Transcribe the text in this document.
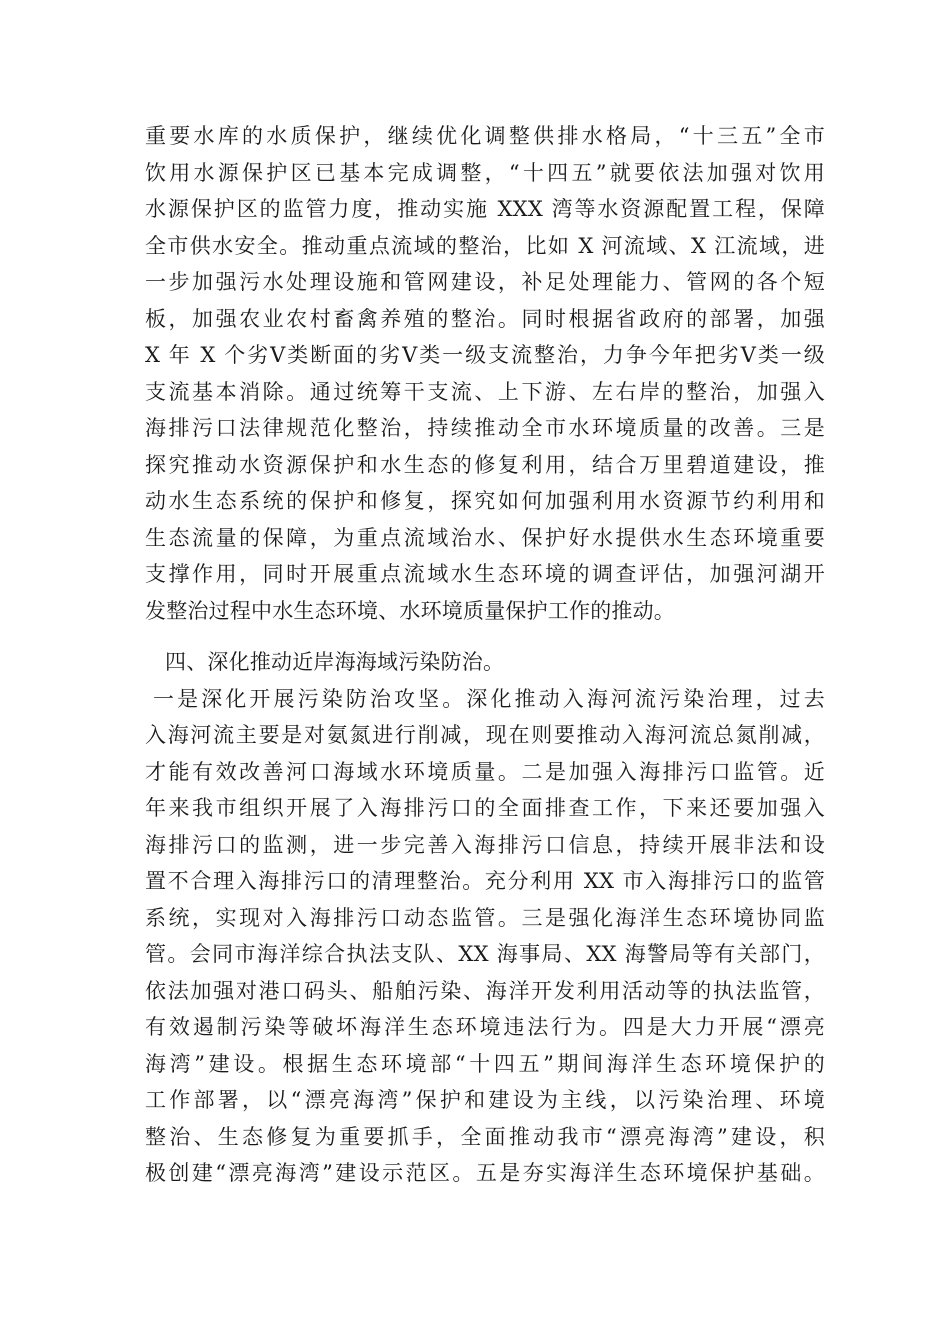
重要水库的水质保护，继续优化调整供排水格局，“十三五”全市
饮用水源保护区已基本完成调整，“十四五”就要依法加强对饮用
水源保护区的监管力度，推动实施 XXX 湾等水资源配置工程，保障
全市供水安全。推动重点流域的整治，比如 X 河流域、X 江流域，进
一步加强污水处理设施和管网建设，补足处理能力、管网的各个短
板，加强农业农村畜禽养殖的整治。同时根据省政府的部署，加强
X 年 X 个劣Ⅴ类断面的劣Ⅴ类一级支流整治，力争今年把劣Ⅴ类一级
支流基本消除。通过统筹干支流、上下游、左右岸的整治，加强入
海排污口法律规范化整治，持续推动全市水环境质量的改善。三是
探究推动水资源保护和水生态的修复利用，结合万里碧道建设，推
动水生态系统的保护和修复，探究如何加强利用水资源节约利用和
生态流量的保障，为重点流域治水、保护好水提供水生态环境重要
支撑作用，同时开展重点流域水生态环境的调查评估，加强河湖开
发整治过程中水生态环境、水环境质量保护工作的推动。
四、深化推动近岸海海域污染防治。
一是深化开展污染防治攻坚。深化推动入海河流污染治理，过去
入海河流主要是对氨氮进行削减，现在则要推动入海河流总氮削减，
才能有效改善河口海域水环境质量。二是加强入海排污口监管。近
年来我市组织开展了入海排污口的全面排查工作，下来还要加强入
海排污口的监测，进一步完善入海排污口信息，持续开展非法和设
置不合理入海排污口的清理整治。充分利用 XX 市入海排污口的监管
系统，实现对入海排污口动态监管。三是强化海洋生态环境协同监
管。会同市海洋综合执法支队、XX 海事局、XX 海警局等有关部门，
依法加强对港口码头、船舶污染、海洋开发利用活动等的执法监管，
有效遏制污染等破坏海洋生态环境违法行为。四是大力开展“漂亮
海湾”建设。根据生态环境部“十四五”期间海洋生态环境保护的
工作部署，以“漂亮海湾”保护和建设为主线，以污染治理、环境
整治、生态修复为重要抓手，全面推动我市“漂亮海湾”建设，积
极创建“漂亮海湾”建设示范区。五是夯实海洋生态环境保护基础。
